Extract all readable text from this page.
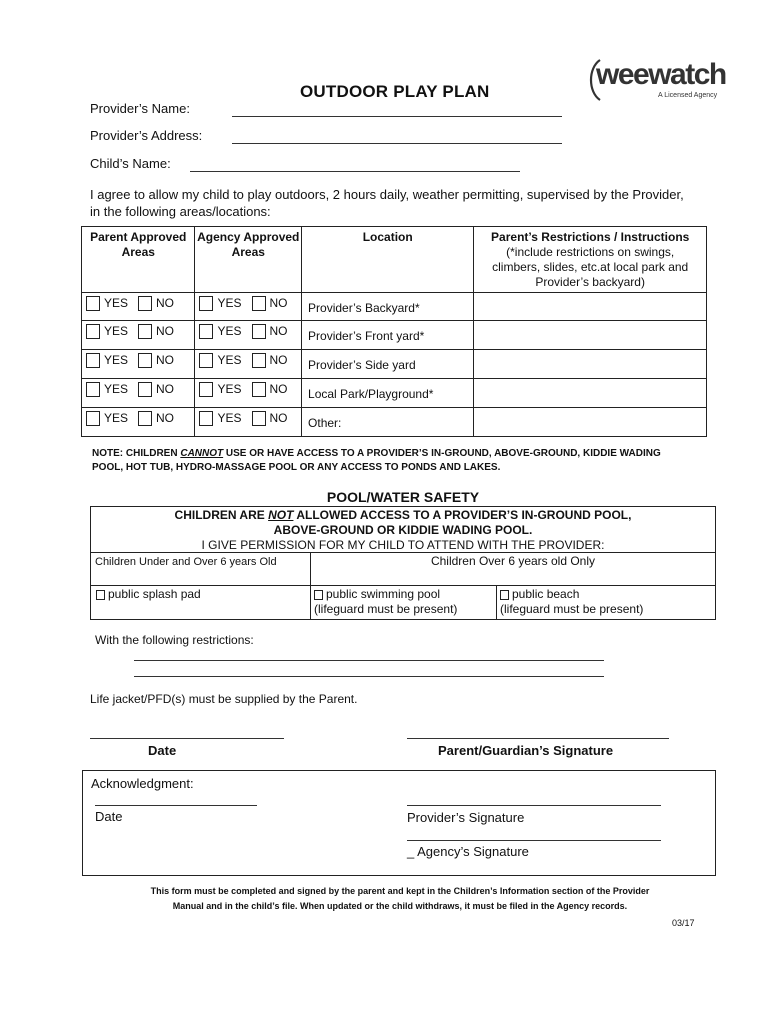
OUTDOOR PLAY PLAN
weewatch
A Licensed Agency
Provider’s Name:
Provider’s Address:
Child’s Name:
I agree to allow my child to play outdoors, 2 hours daily, weather permitting, supervised by the Provider, in the following areas/locations:
Parent Approved Areas	Agency Approved Areas	Location	Parent’s Restrictions / Instructions
(*include restrictions on swings, climbers, slides, etc.at local park and Provider’s backyard)

YES NO	YES NO	Provider’s Backyard*	
YES NO	YES NO	Provider’s Front yard*	
YES NO	YES NO	Provider’s Side yard	
YES NO	YES NO	Local Park/Playground*	
YES NO	YES NO	Other:	
NOTE: CHILDREN CANNOT USE OR HAVE ACCESS TO A PROVIDER’S IN-GROUND, ABOVE-GROUND, KIDDIE WADING POOL, HOT TUB, HYDRO-MASSAGE POOL OR ANY ACCESS TO PONDS AND LAKES.
POOL/WATER SAFETY
CHILDREN ARE NOT ALLOWED ACCESS TO A PROVIDER’S IN-GROUND POOL,
ABOVE-GROUND OR KIDDIE WADING POOL.
I GIVE PERMISSION FOR MY CHILD TO ATTEND WITH THE PROVIDER:
Children Under and Over 6 years Old	Children Over 6 years old Only
public splash pad	public swimming pool
(lifeguard must be present)
public beach
(lifeguard must be present)
With the following restrictions:
Life jacket/PFD(s) must be supplied by the Parent.
Date	Parent/Guardian’s Signature
Acknowledgment:
Date	Provider’s Signature
_ Agency’s Signature
This form must be completed and signed by the parent and kept in the Children’s Information section of the Provider
Manual and in the child’s file. When updated or the child withdraws, it must be filed in the Agency records.
03/17
